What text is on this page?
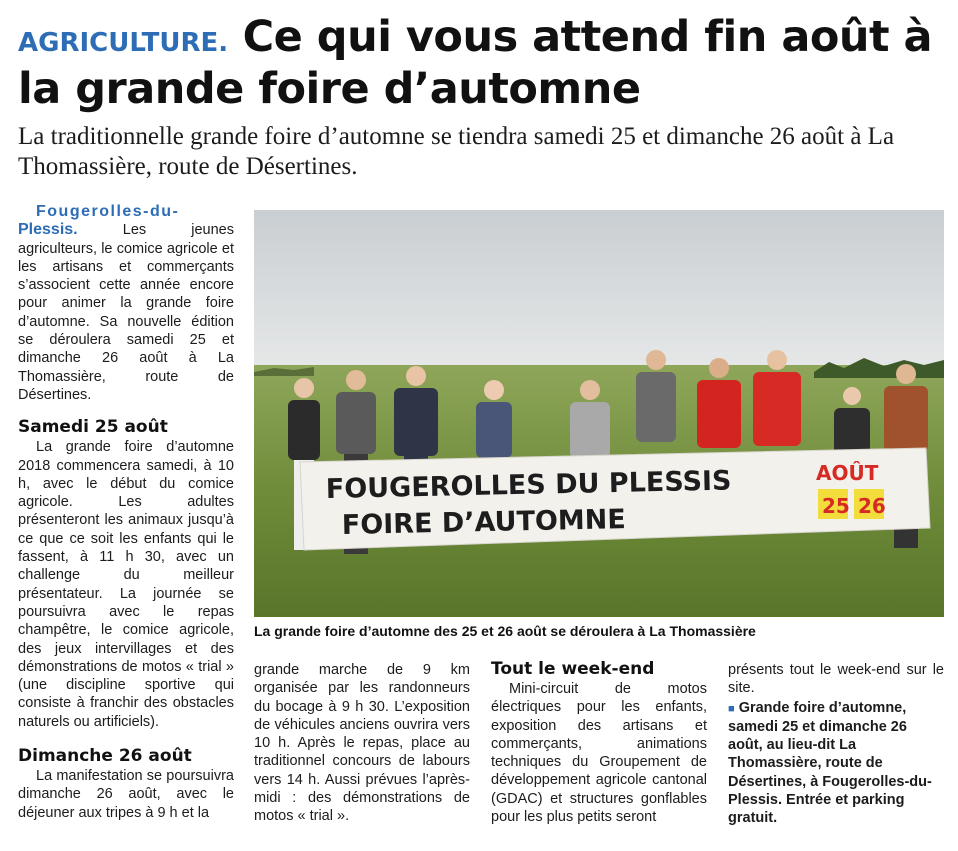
AGRICULTURE. Ce qui vous attend fin août à la grande foire d’automne
La traditionnelle grande foire d’automne se tiendra samedi 25 et dimanche 26 août à La Thomassière, route de Désertines.

Fougerolles-du-
Plessis.	Les jeunes agriculteurs, le comice agricole et les artisans et commerçants s’associent cette année encore pour animer la grande foire d’automne. Sa nouvelle édition se déroulera samedi 25 et dimanche 26 août à La Thomassière, route de Désertines.

Samedi 25 août

La grande foire d’automne 2018 commencera samedi, à 10 h, avec le début du comice agricole. Les adultes présenteront les animaux jusqu’à ce que ce soit les enfants qui le fassent, à 11 h 30, avec un challenge du meilleur présentateur. La journée se poursuivra avec le repas champêtre, le comice agricole, des jeux intervillages et des démonstrations de motos « trial » (une discipline sportive qui consiste à franchir des obstacles naturels ou artificiels).

Dimanche 26 août

La manifestation se poursuivra dimanche 26 août, avec le déjeuner aux tripes à 9 h et la

FOUGEROLLES DU PLESSIS
FOIRE D’AUTOMNE
AOÛT
25 26
La grande foire d’automne des 25 et 26 août se déroulera à La Thomassière

grande marche de 9 km organisée par les randonneurs du bocage à 9 h 30. L’exposition de véhicules anciens ouvrira vers 10 h. Après le repas, place au traditionnel concours de labours vers 14 h. Aussi prévues l’après-midi : des démonstrations de motos « trial ».

Tout le week-end

Mini-circuit de motos électriques pour les enfants, exposition des artisans et commerçants, animations techniques du Groupement de développement agricole cantonal (GDAC) et structures gonflables pour les plus petits seront

présents tout le week-end sur le site.

■ Grande foire d’automne, samedi 25 et dimanche 26 août, au lieu-dit La Thomassière, route de Désertines, à Fougerolles-du-Plessis. Entrée et parking gratuit.
